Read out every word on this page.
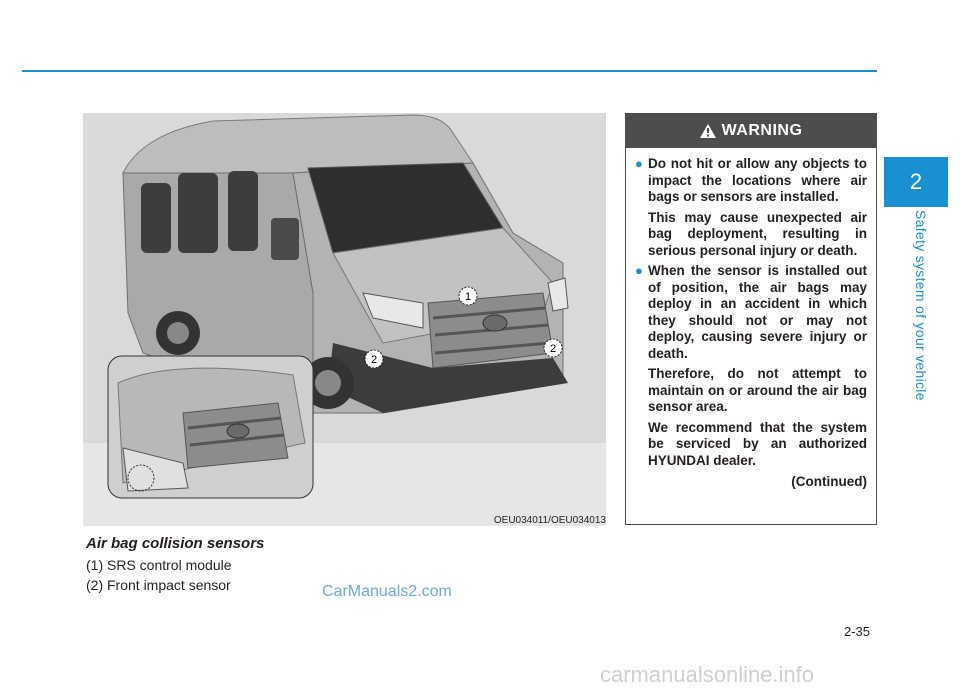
2
Safety system of your vehicle
1
2
2
OEU034011/OEU034013
Air bag collision sensors
(1) SRS control module
(2) Front impact sensor
WARNING
● Do not hit or allow any objects to impact the locations where air bags or sensors are installed.
This may cause unexpected air bag deployment, resulting in serious personal injury or death.
● When the sensor is installed out of position, the air bags may deploy in an accident in which they should not or may not deploy, causing severe injury or death.
Therefore, do not attempt to maintain on or around the air bag sensor area.
We recommend that the system be serviced by an authorized HYUNDAI dealer.
(Continued)
CarManuals2.com
2-35
carmanualsonline.info
